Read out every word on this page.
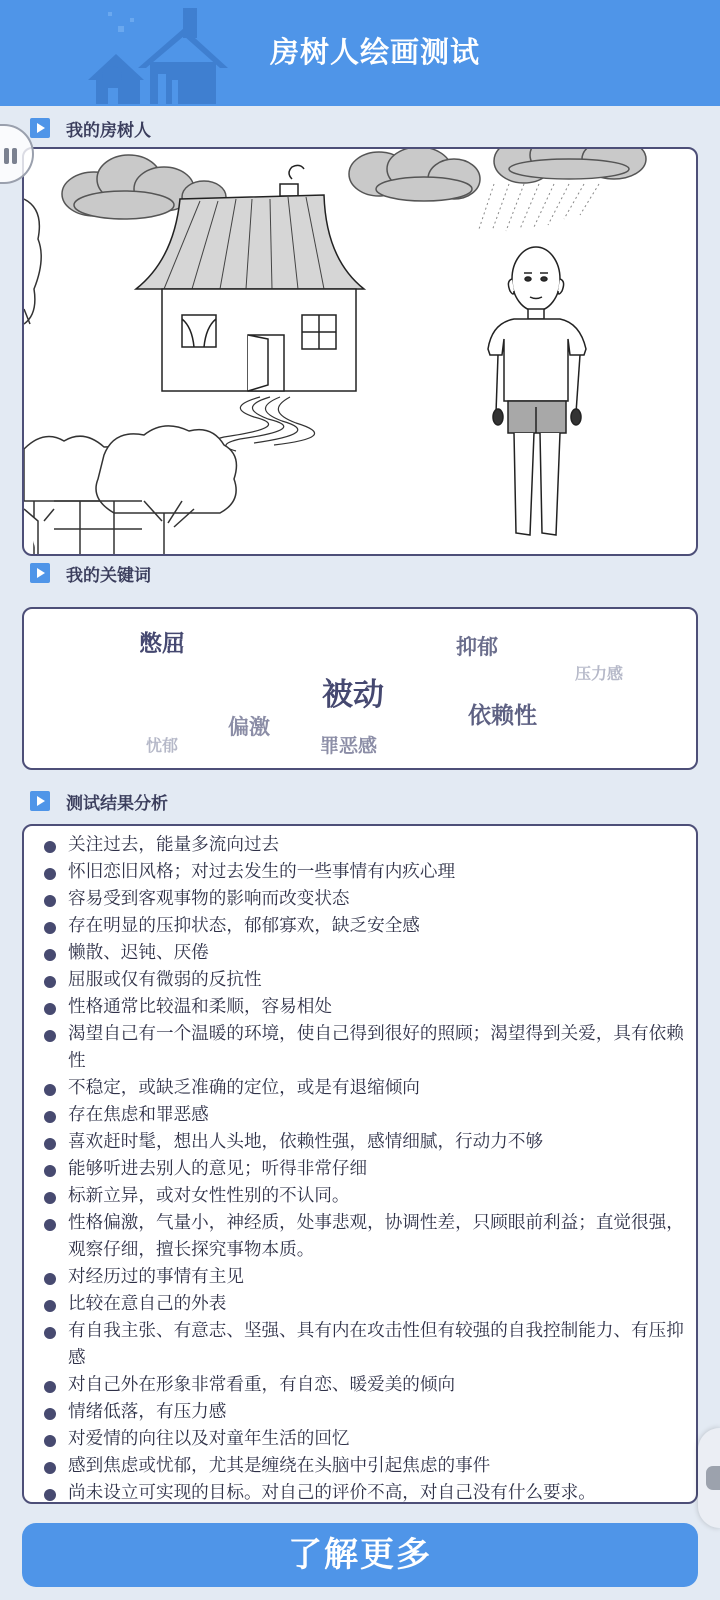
房树人绘画测试
我的房树人
我的关键词
憋屈	抑郁
压力感
被动
依赖性
偏激
忧郁	罪恶感
测试结果分析
关注过去，能量多流向过去
怀旧恋旧风格；对过去发生的一些事情有内疚心理
容易受到客观事物的影响而改变状态
存在明显的压抑状态，郁郁寡欢，缺乏安全感
懒散、迟钝、厌倦
屈服或仅有微弱的反抗性
性格通常比较温和柔顺，容易相处
渴望自己有一个温暖的环境，使自己得到很好的照顾；渴望得到关爱，具有依赖性
不稳定，或缺乏准确的定位，或是有退缩倾向
存在焦虑和罪恶感
喜欢赶时髦，想出人头地，依赖性强，感情细腻，行动力不够
能够听进去别人的意见；听得非常仔细
标新立异，或对女性性别的不认同。
性格偏激，气量小，神经质，处事悲观，协调性差，只顾眼前利益；直觉很强，观察仔细，擅长探究事物本质。
对经历过的事情有主见
比较在意自己的外表
有自我主张、有意志、坚强、具有内在攻击性但有较强的自我控制能力、有压抑感
对自己外在形象非常看重，有自恋、暖爱美的倾向
情绪低落，有压力感
对爱情的向往以及对童年生活的回忆
感到焦虑或忧郁，尤其是缠绕在头脑中引起焦虑的事件
尚未设立可实现的目标。对自己的评价不高，对自己没有什么要求。
了解更多
